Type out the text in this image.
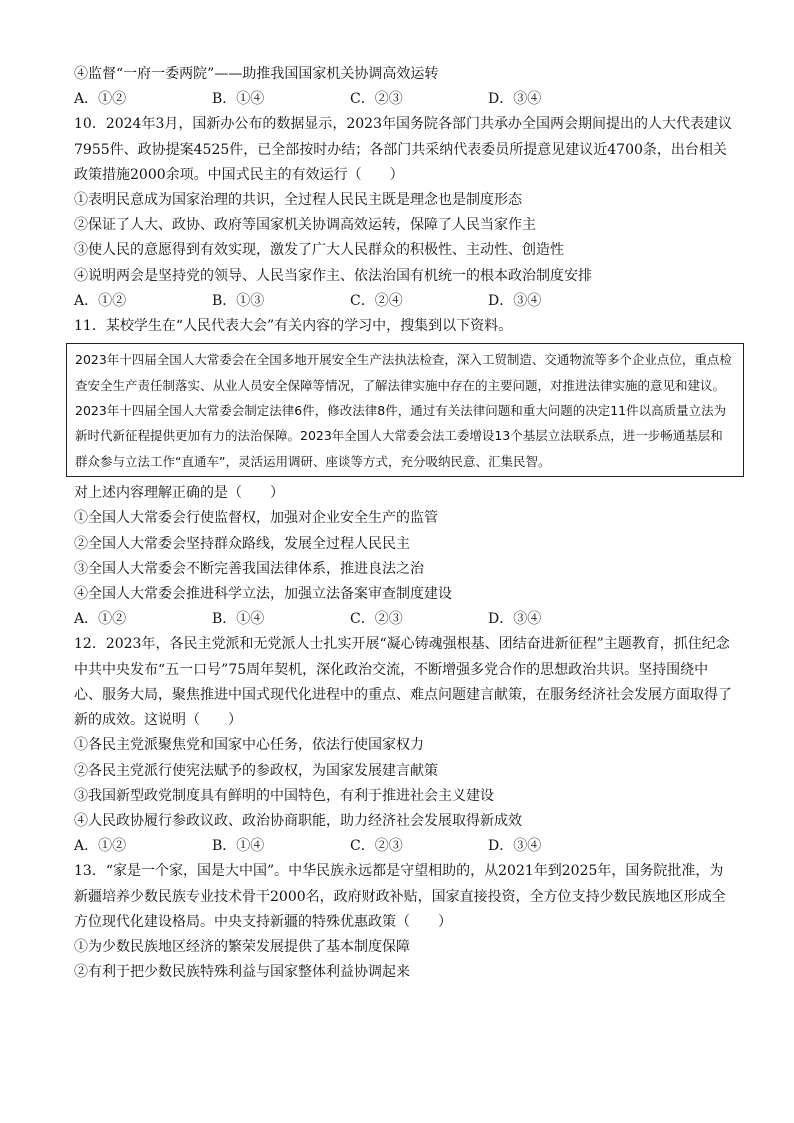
④监督“一府一委两院”——助推我国国家机关协调高效运转
A．①②	B．①④	C．②③	D．③④
10．2024年3月，国新办公布的数据显示，2023年国务院各部门共承办全国两会期间提出的人大代表建议7955件、政协提案4525件，已全部按时办结；各部门共采纳代表委员所提意见建议近4700条，出台相关政策措施2000余项。中国式民主的有效运行（　　）
①表明民意成为国家治理的共识，全过程人民民主既是理念也是制度形态
②保证了人大、政协、政府等国家机关协调高效运转，保障了人民当家作主
③使人民的意愿得到有效实现，激发了广大人民群众的积极性、主动性、创造性
④说明两会是坚持党的领导、人民当家作主、依法治国有机统一的根本政治制度安排
A．①②	B．①③	C．②④	D．③④
11．某校学生在“人民代表大会”有关内容的学习中，搜集到以下资料。

2023年十四届全国人大常委会在全国多地开展安全生产法执法检查，深入工贸制造、交通物流等多个企业点位，重点检查安全生产责任制落实、从业人员安全保障等情况，了解法律实施中存在的主要问题，对推进法律实施的意见和建议。

2023年十四届全国人大常委会制定法律6件，修改法律8件，通过有关法律问题和重大问题的决定11件以高质量立法为新时代新征程提供更加有力的法治保障。2023年全国人大常委会法工委增设13个基层立法联系点，进一步畅通基层和群众参与立法工作“直通车”，灵活运用调研、座谈等方式，充分吸纳民意、汇集民智。

对上述内容理解正确的是（　　）
①全国人大常委会行使监督权，加强对企业安全生产的监管
②全国人大常委会坚持群众路线，发展全过程人民民主
③全国人大常委会不断完善我国法律体系，推进良法之治
④全国人大常委会推进科学立法，加强立法备案审查制度建设
A．①②	B．①④	C．②③	D．③④
12．2023年，各民主党派和无党派人士扎实开展“凝心铸魂强根基、团结奋进新征程”主题教育，抓住纪念中共中央发布“五一口号”75周年契机，深化政治交流，不断增强多党合作的思想政治共识。坚持围绕中心、服务大局，聚焦推进中国式现代化进程中的重点、难点问题建言献策，在服务经济社会发展方面取得了新的成效。这说明（　　）
①各民主党派聚焦党和国家中心任务，依法行使国家权力
②各民主党派行使宪法赋予的参政权，为国家发展建言献策
③我国新型政党制度具有鲜明的中国特色，有利于推进社会主义建设
④人民政协履行参政议政、政治协商职能，助力经济社会发展取得新成效
A．①②	B．①④	C．②③	D．③④
13．“家是一个家，国是大中国”。中华民族永远都是守望相助的，从2021年到2025年，国务院批准，为新疆培养少数民族专业技术骨干2000名，政府财政补贴，国家直接投资，全方位支持少数民族地区形成全方位现代化建设格局。中央支持新疆的特殊优惠政策（　　）
①为少数民族地区经济的繁荣发展提供了基本制度保障
②有利于把少数民族特殊利益与国家整体利益协调起来
